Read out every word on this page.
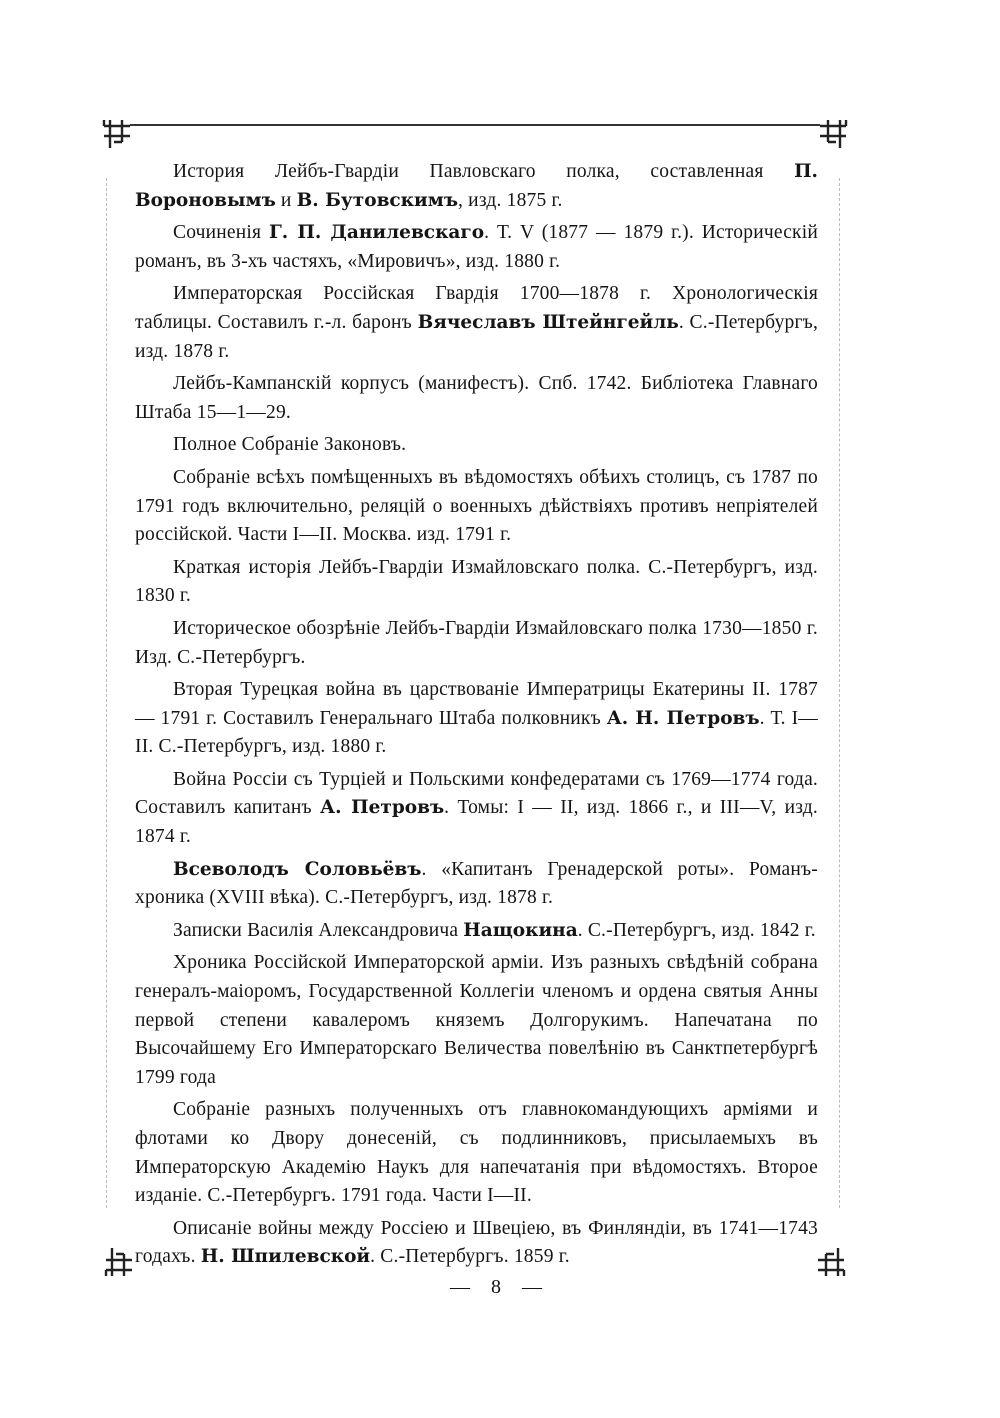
История Лейбъ-Гвардіи Павловскаго полка, составленная П. Вороновымъ и В. Бутовскимъ, изд. 1875 г.

Сочиненія Г. П. Данилевскаго. Т. V (1877 — 1879 г.). Историческій романъ, въ 3-хъ частяхъ, «Мировичъ», изд. 1880 г.

Императорская Россійская Гвардія 1700—1878 г. Хронологическія таблицы. Составилъ г.-л. баронъ Вячеславъ Штейнгейль. С.-Петербургъ, изд. 1878 г.

Лейбъ-Кампанскій корпусъ (манифестъ). Спб. 1742. Библіотека Главнаго Штаба 15—1—29.

Полное Собраніе Законовъ.

Собраніе всѣхъ помѣщенныхъ въ вѣдомостяхъ обѣихъ столицъ, съ 1787 по 1791 годъ включительно, реляцій о военныхъ дѣйствіяхъ противъ непріятелей россійской. Части I—II. Москва. изд. 1791 г.

Краткая исторія Лейбъ-Гвардіи Измайловскаго полка. С.-Петербургъ, изд. 1830 г.

Историческое обозрѣніе Лейбъ-Гвардіи Измайловскаго полка 1730—1850 г. Изд. С.-Петербургъ.

Вторая Турецкая война въ царствованіе Императрицы Екатерины II. 1787 — 1791 г. Составилъ Генеральнаго Штаба полковникъ А. Н. Петровъ. Т. I—II. С.-Петербургъ, изд. 1880 г.

Война Россіи съ Турціей и Польскими конфедератами съ 1769—1774 года. Составилъ капитанъ А. Петровъ. Томы: I — II, изд. 1866 г., и III—V, изд. 1874 г.

Всеволодъ Соловьёвъ. «Капитанъ Гренадерской роты». Романъ-хроника (XVIII вѣка). С.-Петербургъ, изд. 1878 г.

Записки Василія Александровича Нащокина. С.-Петербургъ, изд. 1842 г.

Хроника Россійской Императорской арміи. Изъ разныхъ свѣдѣній собрана генералъ-маіоромъ, Государственной Коллегіи членомъ и ордена святыя Анны первой степени кавалеромъ княземъ Долгорукимъ. Напечатана по Высочайшему Его Императорскаго Величества повелѣнію въ Санктпетербургѣ 1799 года

Собраніе разныхъ полученныхъ отъ главнокомандующихъ арміями и флотами ко Двору донесеній, съ подлинниковъ, присылаемыхъ въ Императорскую Академію Наукъ для напечатанія при вѣдомостяхъ. Второе изданіе. С.-Петербургъ. 1791 года. Части I—II.

Описаніе войны между Россіею и Швеціею, въ Финляндіи, въ 1741—1743 годахъ. Н. Шпилевской. С.-Петербургъ. 1859 г.

— 8 —
